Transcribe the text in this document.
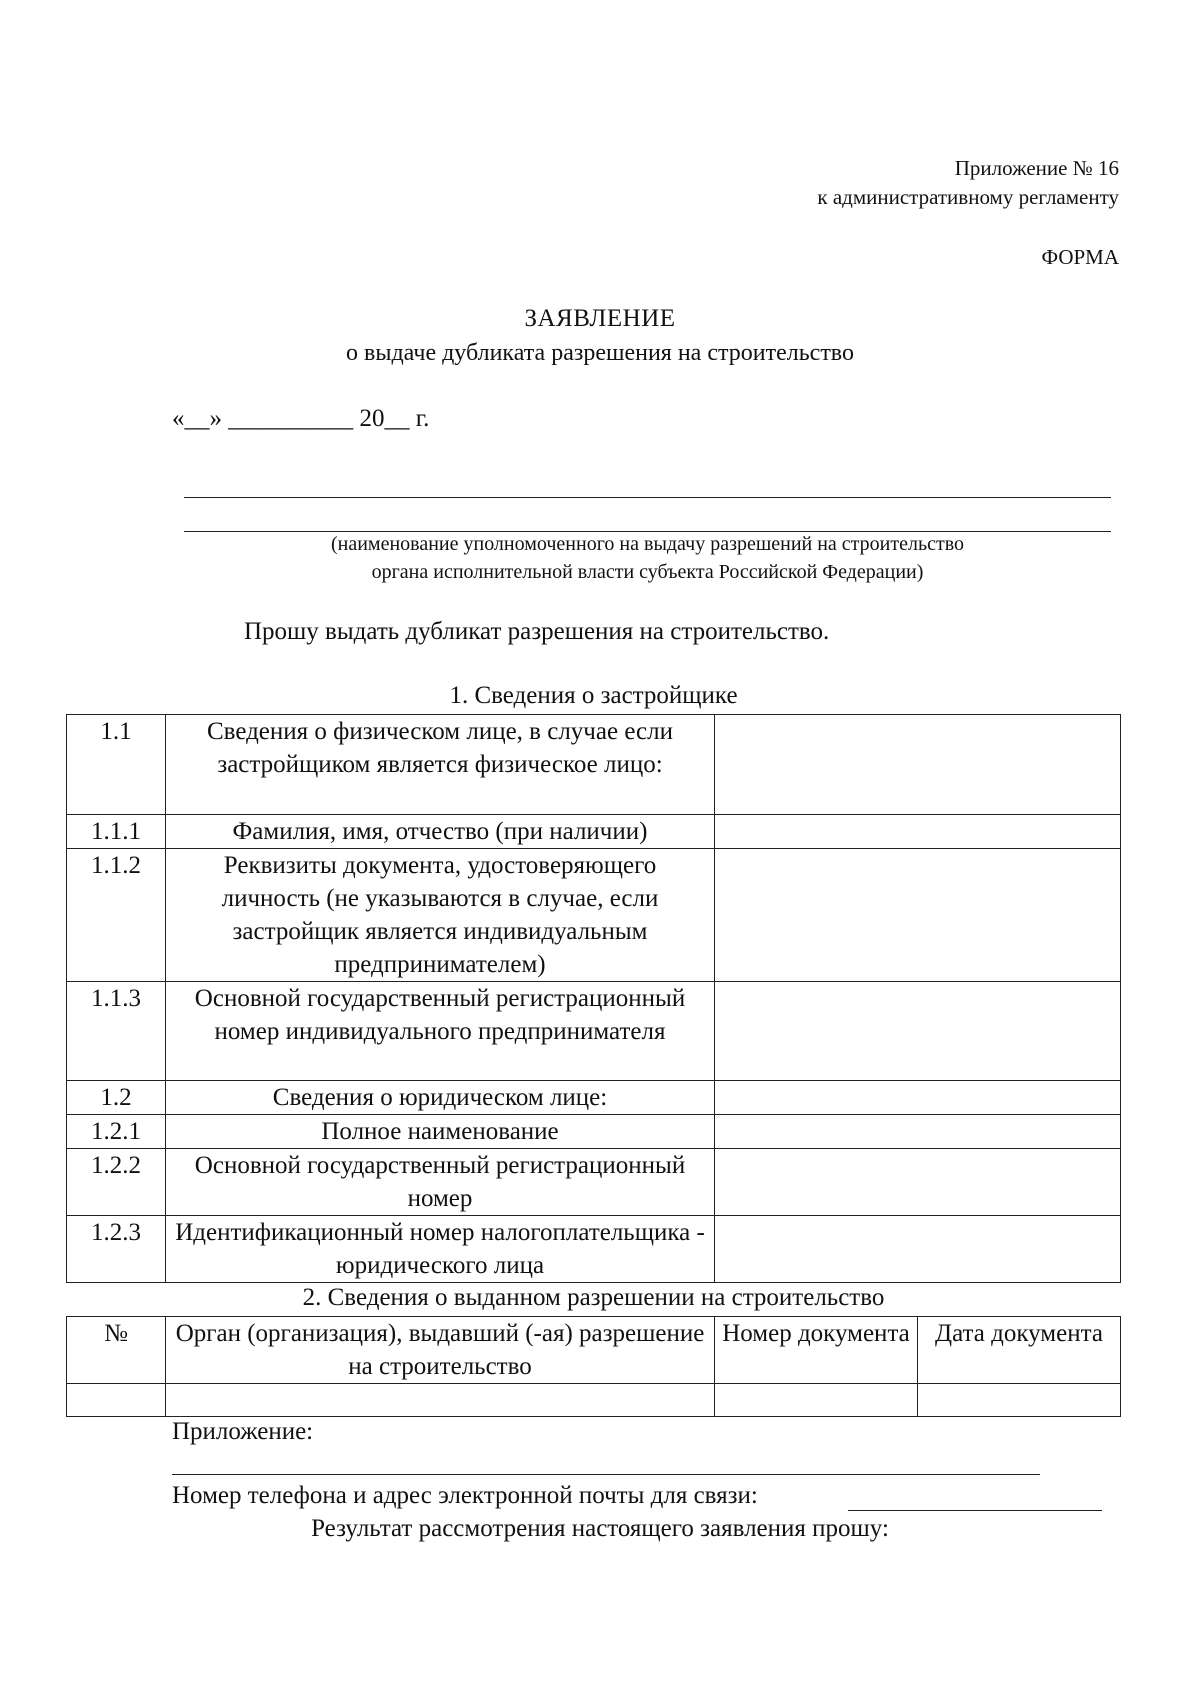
Приложение № 16
к административному регламенту
ФОРМА
ЗАЯВЛЕНИЕ
о выдаче дубликата разрешения на строительство
«__» __________ 20__ г.
(наименование уполномоченного на выдачу разрешений на строительство
органа исполнительной власти субъекта Российской Федерации)
Прошу выдать дубликат разрешения на строительство.
1. Сведения о застройщике
1.1	Сведения о физическом лице, в случае если застройщиком является физическое лицо:	
1.1.1	Фамилия, имя, отчество (при наличии)	
1.1.2	Реквизиты документа, удостоверяющего личность (не указываются в случае, если застройщик является индивидуальным предпринимателем)	
1.1.3	Основной государственный регистрационный номер индивидуального предпринимателя	
1.2	Сведения о юридическом лице:	
1.2.1	Полное наименование	
1.2.2	Основной государственный регистрационный номер	
1.2.3	Идентификационный номер налогоплательщика - юридического лица	
2. Сведения о выданном разрешении на строительство
№	Орган (организация), выдавший (-ая) разрешение на строительство	Номер документа	Дата документа

Приложение:
Номер телефона и адрес электронной почты для связи:
Результат рассмотрения настоящего заявления прошу:
